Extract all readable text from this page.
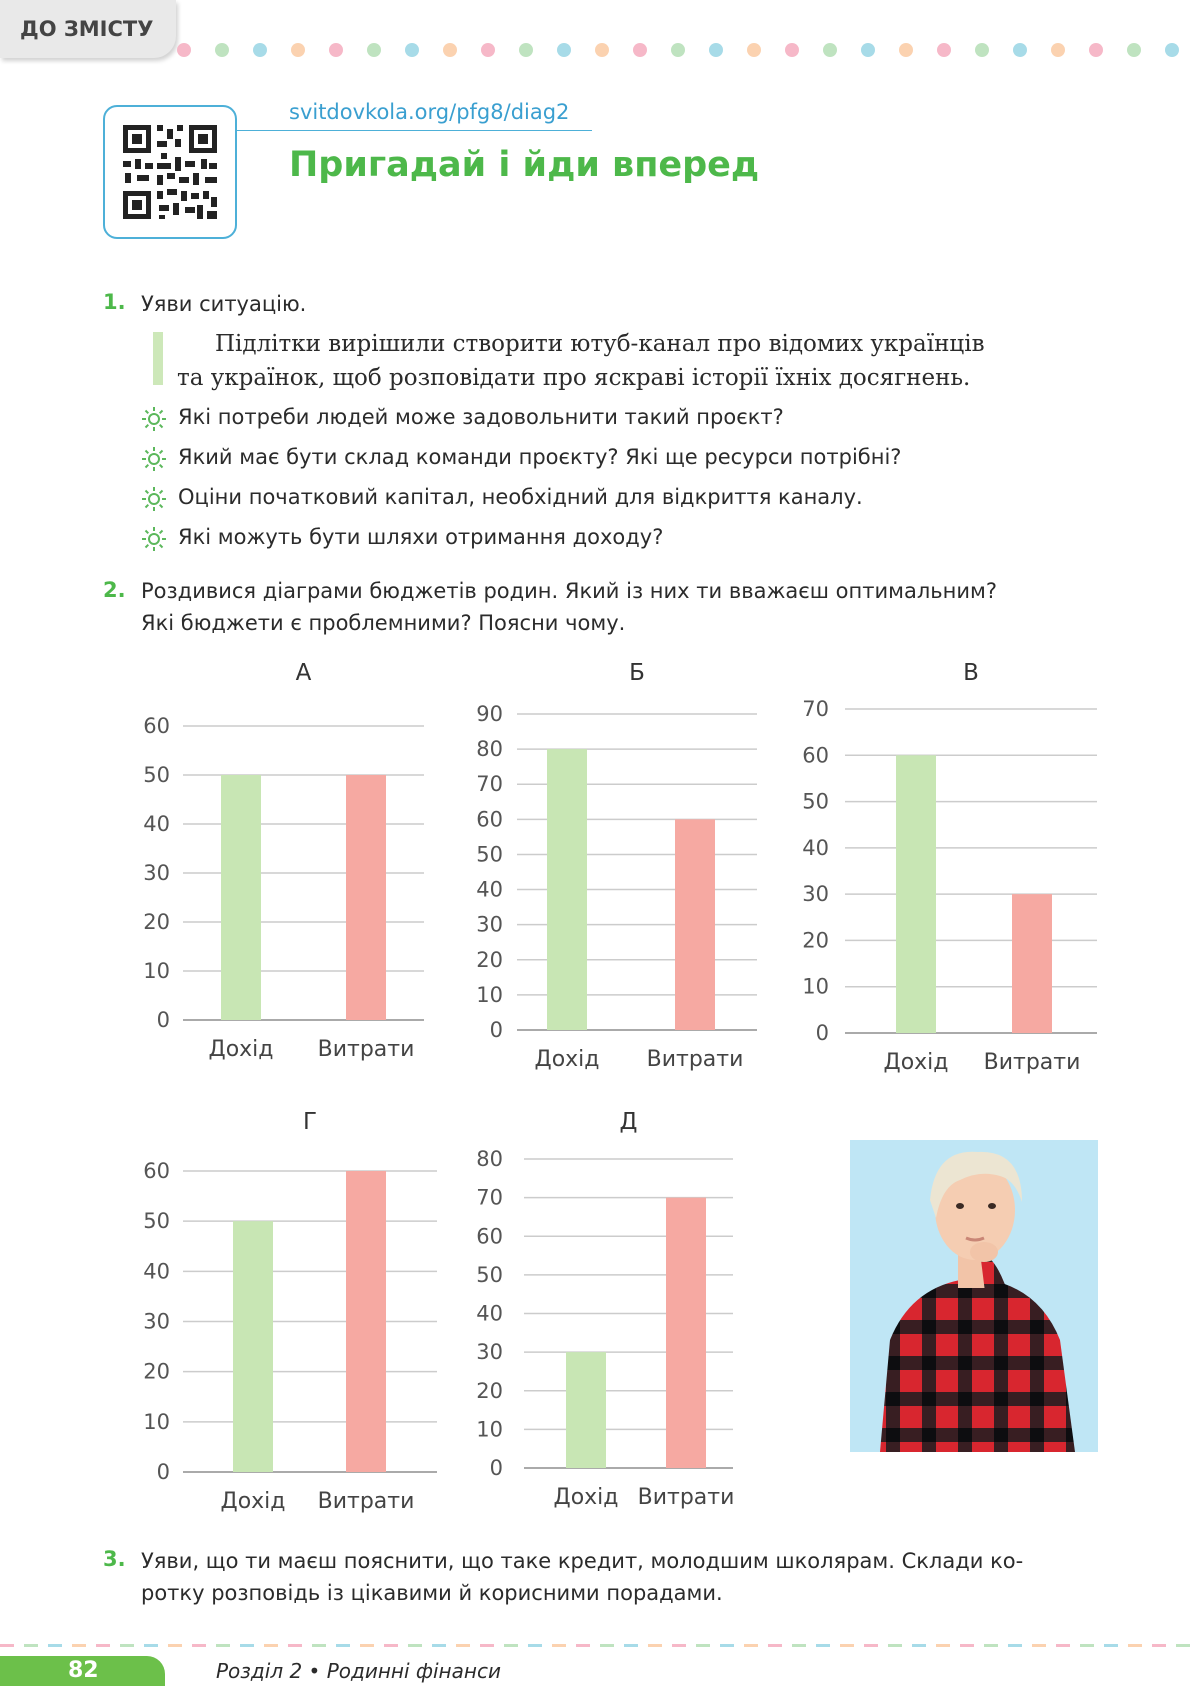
ДО ЗМІСТУ
svitdovkola.org/pfg8/diag2
Пригадай і йди вперед
1. Уяви ситуацію.
Підлітки вирішили створити ютуб-канал про відомих українців
та українок, щоб розповідати про яскраві історії їхніх досягнень.
Які потреби людей може задовольнити такий проєкт?
Який має бути склад команди проєкту? Які ще ресурси потрібні?
Оціни початковий капітал, необхідний для відкриття каналу.
Які можуть бути шляхи отримання доходу?
2. Роздивися діаграми бюджетів родин. Який із них ти вважаєш оптимальним?
Які бюджети є проблемними? Поясни чому.
А
0
10
20
30
40
50
60
Дохід Витрати
Б
0
10
20
30
40
50
60
70
80
90
Дохід Витрати
В
0
10
20
30
40
50
60
70
Дохід Витрати
Г
0
10
20
30
40
50
60
Дохід Витрати
Д
0
10
20
30
40
50
60
70
80
Дохід Витрати
3. Уяви, що ти маєш пояснити, що таке кредит, молодшим школярам. Склади ко-
ротку розповідь із цікавими й корисними порадами.
82	Розділ 2 • Родинні фінанси
